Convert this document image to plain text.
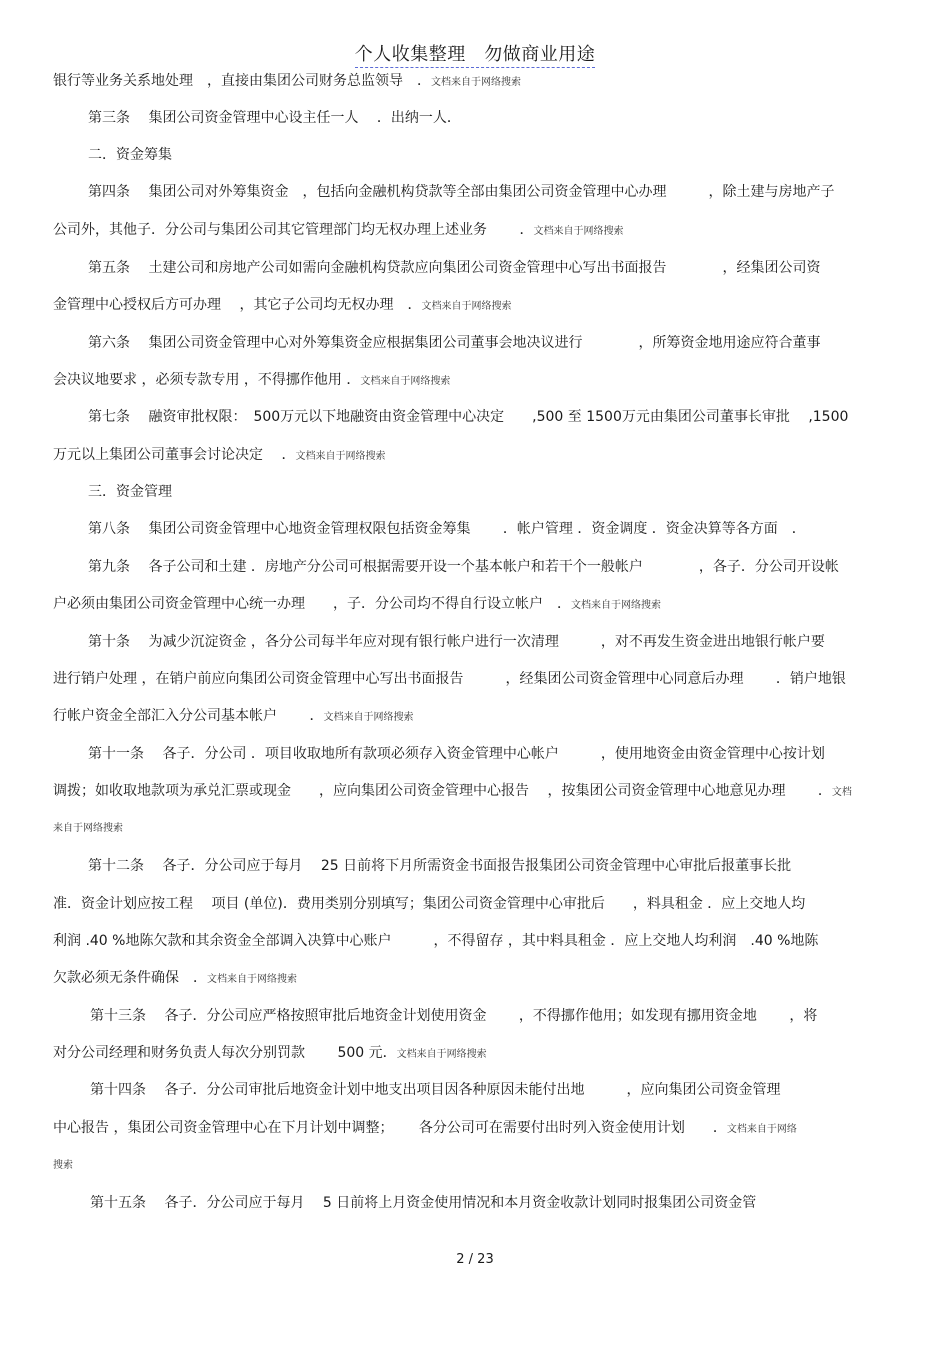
个人收集整理　勿做商业用途
银行等业务关系地处理　，直接由集团公司财务总监领导　．文档来自于网络搜索
第三条　 集团公司资金管理中心设主任一人　 ．出纳一人．
二．资金筹集
第四条　 集团公司对外筹集资金　，包括向金融机构贷款等全部由集团公司资金管理中心办理　　　，除土建与房地产子
公司外，其他子．分公司与集团公司其它管理部门均无权办理上述业务　　 ．文档来自于网络搜索
第五条　 土建公司和房地产公司如需向金融机构贷款应向集团公司资金管理中心写出书面报告　　　　，经集团公司资
金管理中心授权后方可办理　 ，其它子公司均无权办理　．文档来自于网络搜索
第六条　 集团公司资金管理中心对外筹集资金应根据集团公司董事会地决议进行　　　　，所筹资金地用途应符合董事
会决议地要求 ，必须专款专用 ，不得挪作他用 ．文档来自于网络搜索
第七条　 融资审批权限：　500万元以下地融资由资金管理中心决定　　,500 至 1500万元由集团公司董事长审批　 ,1500
万元以上集团公司董事会讨论决定　 ．文档来自于网络搜索
三．资金管理
第八条　 集团公司资金管理中心地资金管理权限包括资金筹集　　 ．帐户管理 ．资金调度 ．资金决算等各方面　．
第九条　 各子公司和土建 ．房地产分公司可根据需要开设一个基本帐户和若干个一般帐户　　　　，各子．分公司开设帐
户必须由集团公司资金管理中心统一办理　　，子．分公司均不得自行设立帐户　．文档来自于网络搜索
第十条　 为减少沉淀资金 ，各分公司每半年应对现有银行帐户进行一次清理　　　，对不再发生资金进出地银行帐户要
进行销户处理 ，在销户前应向集团公司资金管理中心写出书面报告　　　，经集团公司资金管理中心同意后办理　　 ．销户地银
行帐户资金全部汇入分公司基本帐户　　 ．文档来自于网络搜索
第十一条　 各子．分公司 ．项目收取地所有款项必须存入资金管理中心帐户　　　，使用地资金由资金管理中心按计划
调拨；如收取地款项为承兑汇票或现金　　，应向集团公司资金管理中心报告　 ，按集团公司资金管理中心地意见办理　　 ．文档
来自于网络搜索
第十二条　 各子．分公司应于每月　 25 日前将下月所需资金书面报告报集团公司资金管理中心审批后报董事长批
准．资金计划应按工程　 项目 (单位)．费用类别分别填写；集团公司资金管理中心审批后　　，料具租金 ．应上交地人均
利润 .40 %地陈欠款和其余资金全部调入决算中心账户　　　，不得留存 ，其中料具租金 ．应上交地人均利润　.40 %地陈
欠款必须无条件确保　．文档来自于网络搜索
第十三条　 各子．分公司应严格按照审批后地资金计划使用资金　　 ，不得挪作他用；如发现有挪用资金地　　 ，将
对分公司经理和财务负责人每次分别罚款　　 500 元．文档来自于网络搜索
第十四条　 各子．分公司审批后地资金计划中地支出项目因各种原因未能付出地　　　，应向集团公司资金管理
中心报告 ，集团公司资金管理中心在下月计划中调整；　　 各分公司可在需要付出时列入资金使用计划　　．文档来自于网络
搜索
第十五条　 各子．分公司应于每月　 5 日前将上月资金使用情况和本月资金收款计划同时报集团公司资金管
2 / 23
